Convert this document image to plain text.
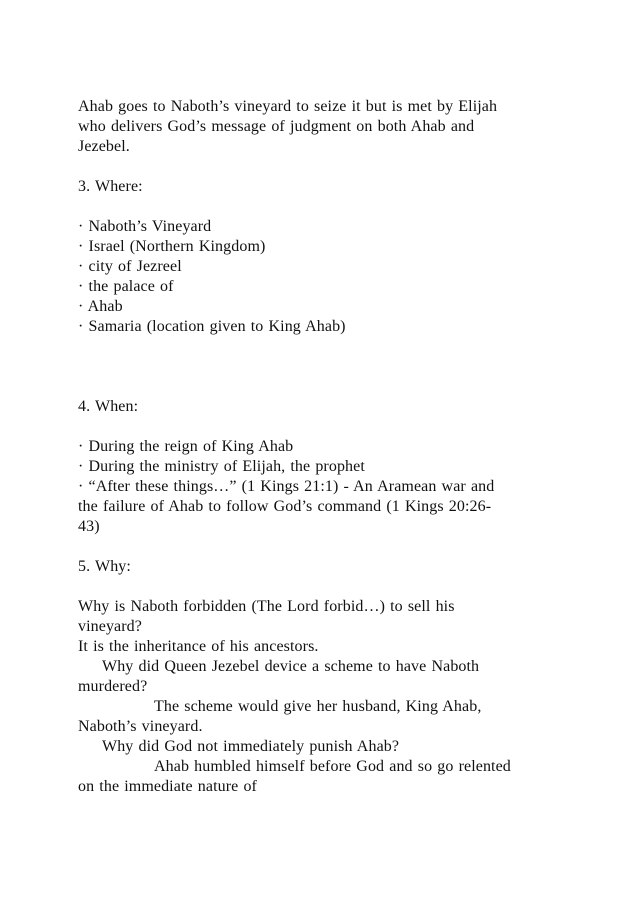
Ahab goes to Naboth’s vineyard to seize it but is met by Elijah
who delivers God’s message of judgment on both Ahab and
Jezebel.
3. Where:
· Naboth’s Vineyard
· Israel (Northern Kingdom)
· city of Jezreel
· the palace of
· Ahab
· Samaria (location given to King Ahab)
4. When:
· During the reign of King Ahab
· During the ministry of Elijah, the prophet
· “After these things…” (1 Kings 21:1) - An Aramean war and
the failure of Ahab to follow God’s command (1 Kings 20:26-
43)
5. Why:
Why is Naboth forbidden (The Lord forbid…) to sell his
vineyard?
It is the inheritance of his ancestors.
Why did Queen Jezebel device a scheme to have Naboth
murdered?
The scheme would give her husband, King Ahab,
Naboth’s vineyard.
Why did God not immediately punish Ahab?
Ahab humbled himself before God and so go relented
on the immediate nature of
